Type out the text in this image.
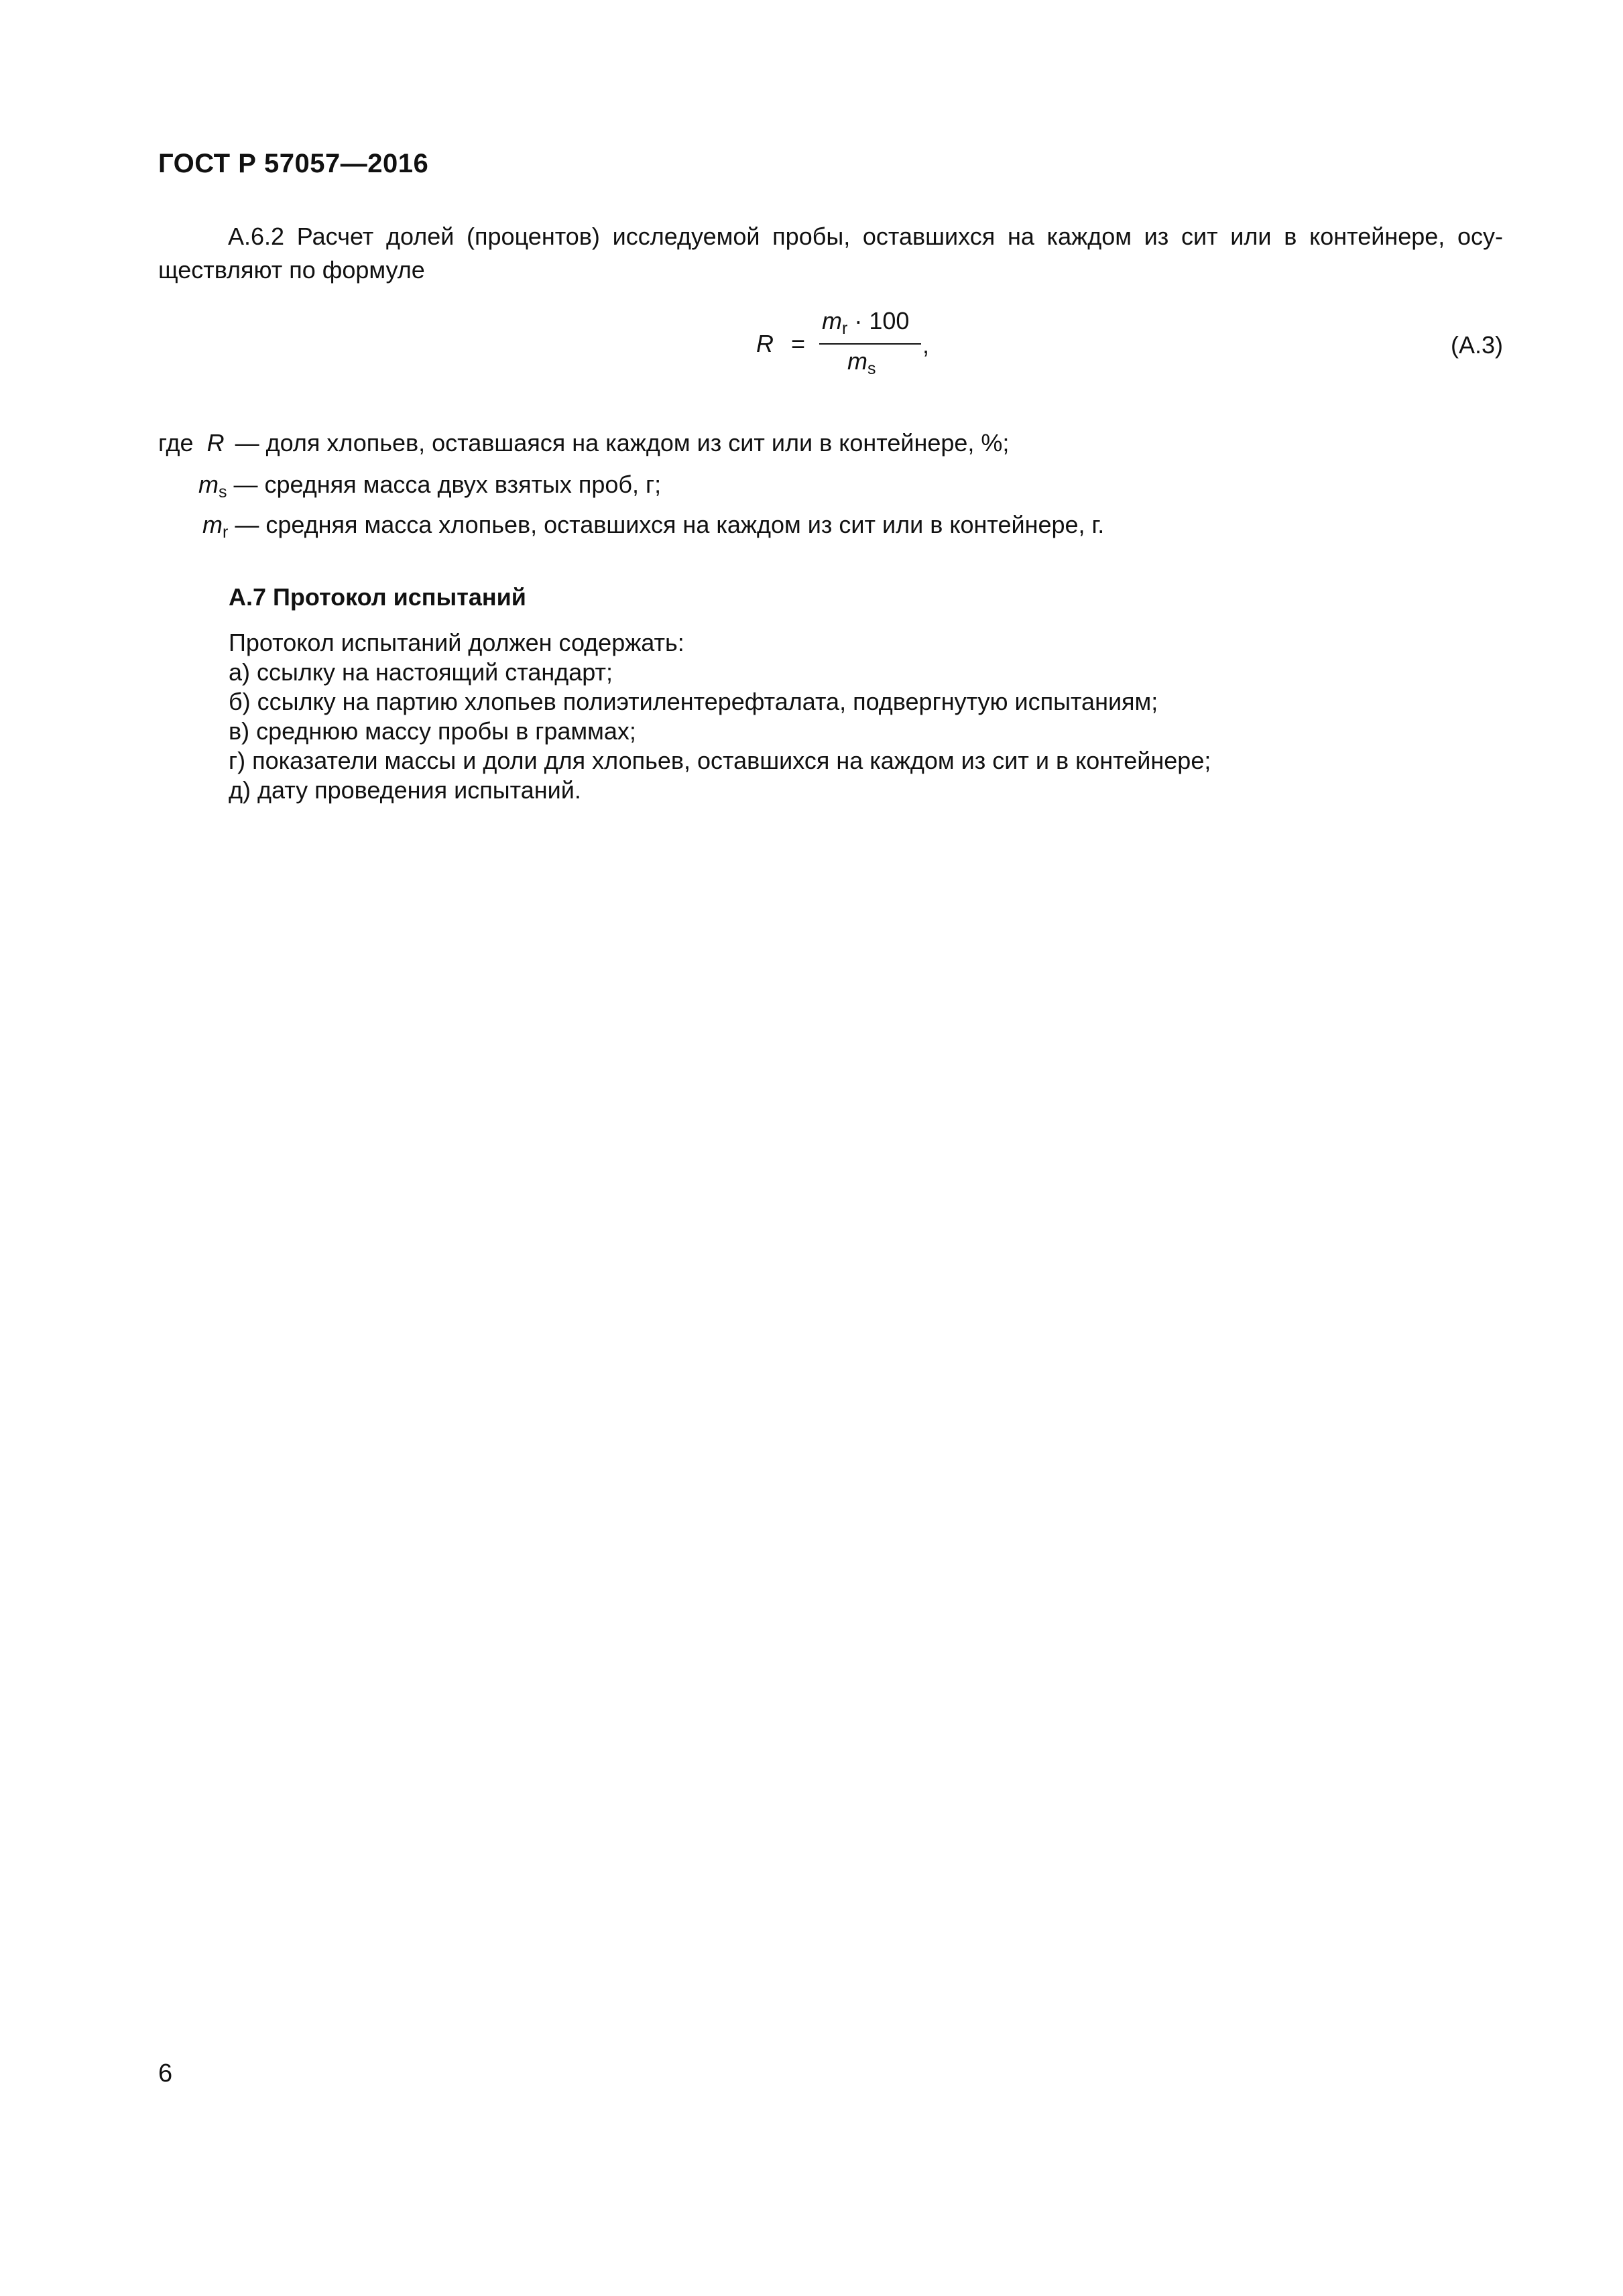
ГОСТ Р 57057—2016
А.6.2 Расчет долей (процентов) исследуемой пробы, оставшихся на каждом из сит или в контейнере, осу-
ществляют по формуле
R =
$m_r \cdot 100$
$m_s$
,	(А.3)
где R — доля хлопьев, оставшаяся на каждом из сит или в контейнере, %;
$m_s$ — средняя масса двух взятых проб, г;
$m_r$ — средняя масса хлопьев, оставшихся на каждом из сит или в контейнере, г.
А.7 Протокол испытаний
Протокол испытаний должен содержать:
а) ссылку на настоящий стандарт;
б) ссылку на партию хлопьев полиэтилентерефталата, подвергнутую испытаниям;
в) среднюю массу пробы в граммах;
г) показатели массы и доли для хлопьев, оставшихся на каждом из сит и в контейнере;
д) дату проведения испытаний.
6
